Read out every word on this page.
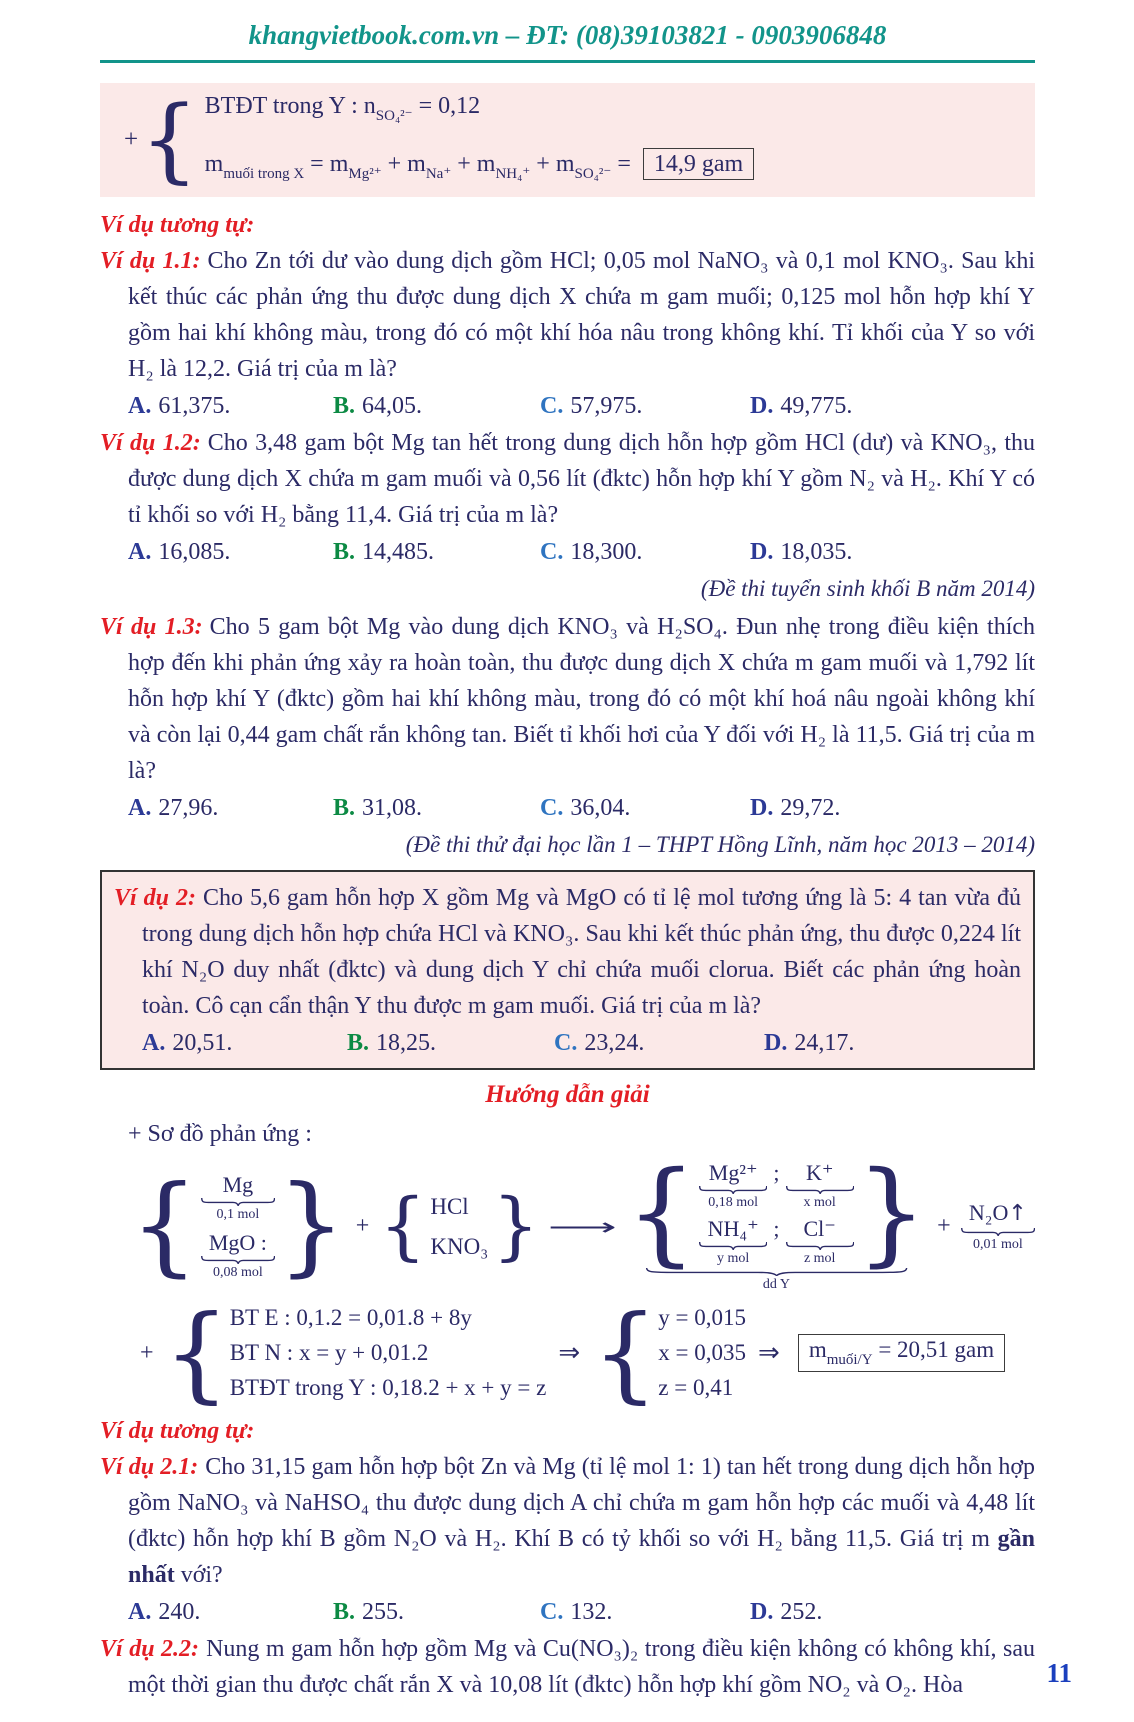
khangvietbook.com.vn – ĐT: (08)39103821 - 0903906848
+ { BTĐT trong Y : $n_{SO_4^{2-}} = 0,12$
$m_{muối trong X} = m_{Mg^{2+}} + m_{Na^+} + m_{NH_4^+} + m_{SO_4^{2-}} = 14,9$ gam
Ví dụ tương tự:

Ví dụ 1.1: Cho Zn tới dư vào dung dịch gồm HCl; 0,05 mol NaNO₃ và 0,1 mol KNO₃. Sau khi kết thúc các phản ứng thu được dung dịch X chứa m gam muối; 0,125 mol hỗn hợp khí Y gồm hai khí không màu, trong đó có một khí hóa nâu trong không khí. Tỉ khối của Y so với H₂ là 12,2. Giá trị của m là?

A. 61,375.	B. 64,05.	C. 57,975.	D. 49,775.

Ví dụ 1.2: Cho 3,48 gam bột Mg tan hết trong dung dịch hỗn hợp gồm HCl (dư) và KNO₃, thu được dung dịch X chứa m gam muối và 0,56 lít (đktc) hỗn hợp khí Y gồm N₂ và H₂. Khí Y có tỉ khối so với H₂ bằng 11,4. Giá trị của m là?

A. 16,085.	B. 14,485.	C. 18,300.	D. 18,035.
(Đề thi tuyển sinh khối B năm 2014)

Ví dụ 1.3: Cho 5 gam bột Mg vào dung dịch KNO₃ và H₂SO₄. Đun nhẹ trong điều kiện thích hợp đến khi phản ứng xảy ra hoàn toàn, thu được dung dịch X chứa m gam muối và 1,792 lít hỗn hợp khí Y (đktc) gồm hai khí không màu, trong đó có một khí hoá nâu ngoài không khí và còn lại 0,44 gam chất rắn không tan. Biết tỉ khối hơi của Y đối với H₂ là 11,5. Giá trị của m là?

A. 27,96.	B. 31,08.	C. 36,04.	D. 29,72.
(Đề thi thử đại học lần 1 – THPT Hồng Lĩnh, năm học 2013 – 2014)

Ví dụ 2: Cho 5,6 gam hỗn hợp X gồm Mg và MgO có tỉ lệ mol tương ứng là 5: 4 tan vừa đủ trong dung dịch hỗn hợp chứa HCl và KNO₃. Sau khi kết thúc phản ứng, thu được 0,224 lít khí N₂O duy nhất (đktc) và dung dịch Y chỉ chứa muối clorua. Biết các phản ứng hoàn toàn. Cô cạn cẩn thận Y thu được m gam muối. Giá trị của m là?

A. 20,51.	B. 18,25.	C. 23,24.	D. 24,17.
Hướng dẫn giải
+ Sơ đồ phản ứng :
{ Mg
0,1 mol
MgO :
0,08 mol } + { HCl
KNO₃ } ⟶ { Mg²⁺
0,18 mol
; K⁺
x mol
NH₄⁺
y mol
; Cl⁻
z mol }
dd Y
+
N₂O↑
0,01 mol
+ { BT E : 0,1.2 = 0,01.8 + 8y
BT N : x = y + 0,01.2
BTĐT trong Y : 0,18.2 + x + y = z
⇒ { y = 0,015
x = 0,035
z = 0,41
⇒	$m_{muối/Y} = 20,51$ gam
Ví dụ tương tự:

Ví dụ 2.1: Cho 31,15 gam hỗn hợp bột Zn và Mg (tỉ lệ mol 1: 1) tan hết trong dung dịch hỗn hợp gồm NaNO₃ và NaHSO₄ thu được dung dịch A chỉ chứa m gam hỗn hợp các muối và 4,48 lít (đktc) hỗn hợp khí B gồm N₂O và H₂. Khí B có tỷ khối so với H₂ bằng 11,5. Giá trị m gần nhất với?

A. 240.	B. 255.	C. 132.	D. 252.

Ví dụ 2.2: Nung m gam hỗn hợp gồm Mg và Cu(NO₃)₂ trong điều kiện không có không khí, sau một thời gian thu được chất rắn X và 10,08 lít (đktc) hỗn hợp khí gồm NO₂ và O₂. Hòa	11
